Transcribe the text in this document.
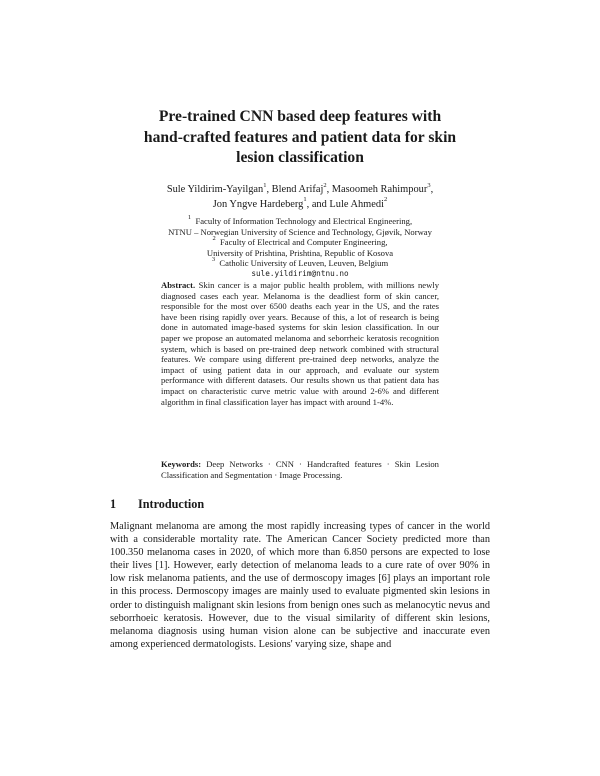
Pre-trained CNN based deep features with
hand-crafted features and patient data for skin
lesion classification

Sule Yildirim-Yayilgan$^1$, Blend Arifaj$^2$, Masoomeh Rahimpour$^3$,
Jon Yngve Hardeberg$^1$, and Lule Ahmedi$^2$

$^1$ Faculty of Information Technology and Electrical Engineering,
NTNU – Norwegian University of Science and Technology, Gjøvik, Norway
$^2$ Faculty of Electrical and Computer Engineering,
University of Prishtina, Prishtina, Republic of Kosova
$^3$ Catholic University of Leuven, Leuven, Belgium
sule.yildirim@ntnu.no

Abstract. Skin cancer is a major public health problem, with millions newly diagnosed cases each year. Melanoma is the deadliest form of skin cancer, responsible for the most over 6500 deaths each year in the US, and the rates have been rising rapidly over years. Because of this, a lot of research is being done in automated image-based systems for skin lesion classification. In our paper we propose an automated melanoma and seborrheic keratosis recognition system, which is based on pre-trained deep network combined with structural features. We compare using different pre-trained deep networks, analyze the impact of using patient data in our approach, and evaluate our system performance with different datasets. Our results shown us that patient data has impact on characteristic curve metric value with around 2-6% and different algorithm in final classification layer has impact with around 1-4%.

Keywords: Deep Networks · CNN · Handcrafted features · Skin Lesion Classification and Segmentation · Image Processing.

1 Introduction

Malignant melanoma are among the most rapidly increasing types of cancer in the world with a considerable mortality rate. The American Cancer Society predicted more than 100.350 melanoma cases in 2020, of which more than 6.850 persons are expected to lose their lives [1]. However, early detection of melanoma leads to a cure rate of over 90% in low risk melanoma patients, and the use of dermoscopy images [6] plays an important role in this process. Dermoscopy images are mainly used to evaluate pigmented skin lesions in order to distinguish malignant skin lesions from benign ones such as melanocytic nevus and seborrhoeic keratosis. However, due to the visual similarity of different skin lesions, melanoma diagnosis using human vision alone can be subjective and inaccurate even among experienced dermatologists. Lesions' varying size, shape and
